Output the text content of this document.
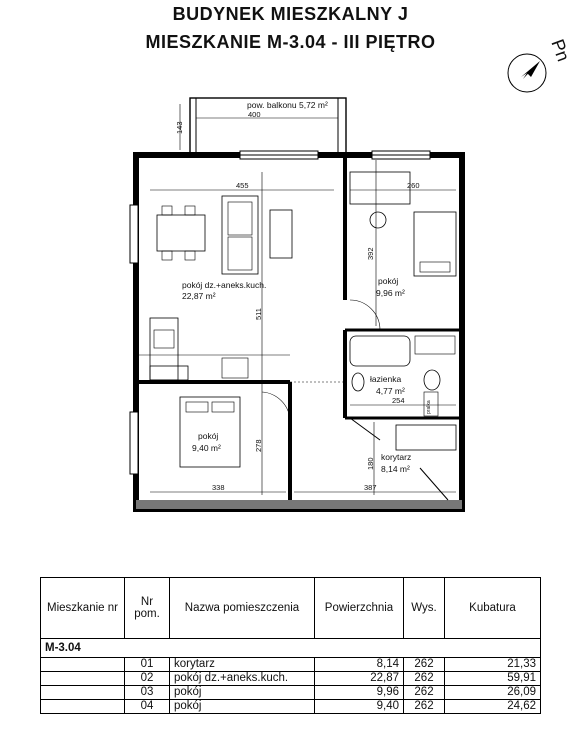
BUDYNEK MIESZKALNY J
MIESZKANIE M-3.04 - III PIĘTRO	Pn
pow. balkonu 5,72 m²
400
143
455	260
392
511
254
278
180
338	387
pokój dz.+aneks.kuch.
22,87 m²
pokój
9,96 m²
łazienka
4,77 m²
pokój
9,40 m²
korytarz
8,14 m²
pralka
Mieszkanie nr	Nr pom.	Nazwa pomieszczenia	Powierzchnia	Wys.	Kubatura
M-3.04					
	01	korytarz	8,14	262	21,33
	02	pokój dz.+aneks.kuch.	22,87	262	59,91
	03	pokój	9,96	262	26,09
	04	pokój	9,40	262	24,62
